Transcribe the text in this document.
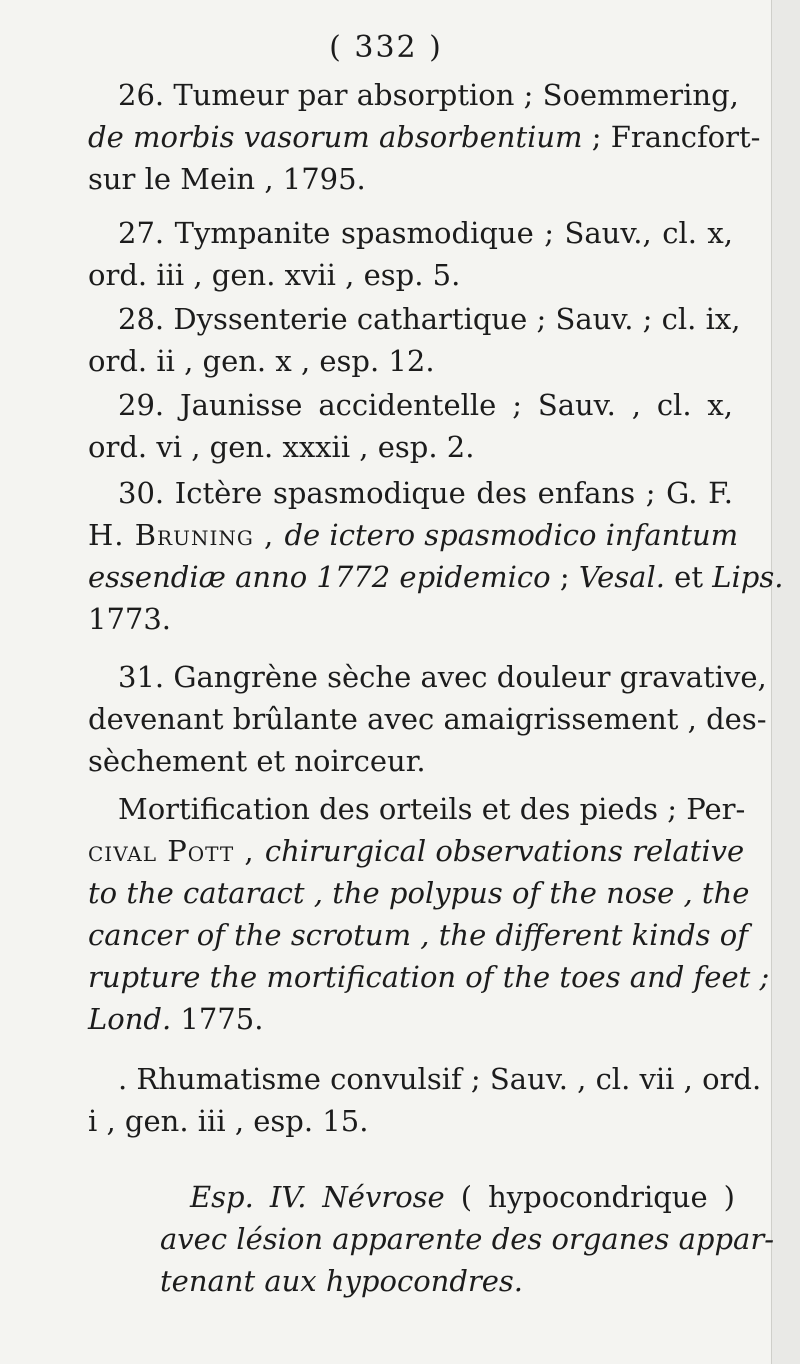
( 332 )
26. Tumeur par absorption ; Soemmering,
de morbis vasorum absorbentium ; Francfort-
sur le Mein , 1795.
27. Tympanite spasmodique ; Sauv., cl. x,
ord. iii , gen. xvii , esp. 5.
28. Dyssenterie cathartique ; Sauv. ; cl. ix,
ord. ii , gen. x , esp. 12.
29. Jaunisse accidentelle ; Sauv. , cl. x,
ord. vi , gen. xxxii , esp. 2.
30. Ictère spasmodique des enfans ; G. F.
H. Bruning , de ictero spasmodico infantum
essendiæ anno 1772 epidemico ; Vesal. et Lips.
1773.
31. Gangrène sèche avec douleur gravative,
devenant brûlante avec amaigrissement , des-
sèchement et noirceur.
Mortification des orteils et des pieds ; Per-
cival Pott , chirurgical observations relative
to the cataract , the polypus of the nose , the
cancer of the scrotum , the different kinds of
rupture the mortification of the toes and feet ;
Lond. 1775.
. Rhumatisme convulsif ; Sauv. , cl. vii , ord.
i , gen. iii , esp. 15.
Esp. IV. Névrose ( hypocondrique )
avec lésion apparente des organes appar-
tenant aux hypocondres.
